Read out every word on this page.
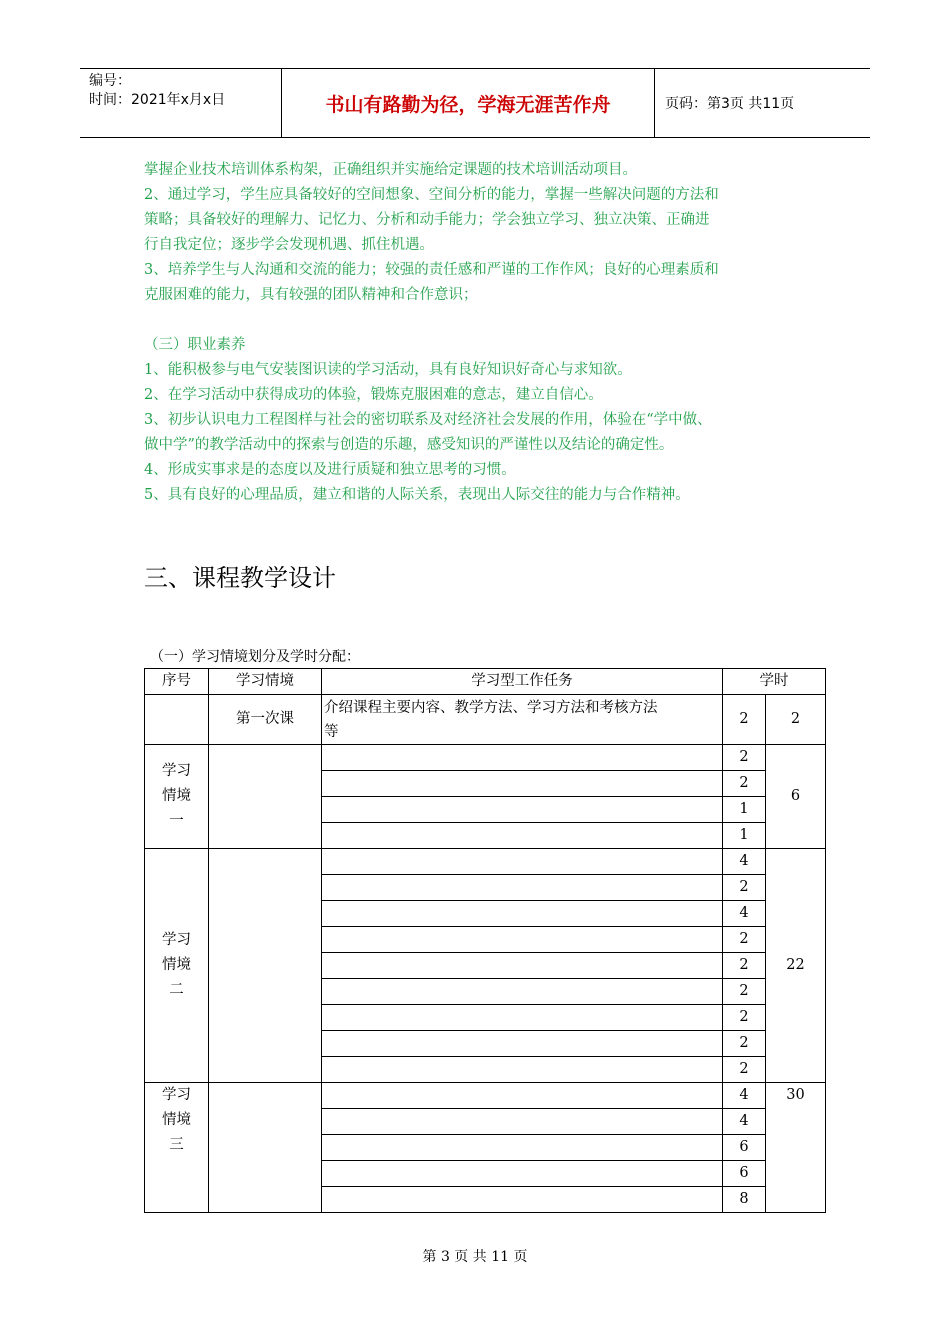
编号：
时间：2021年x月x日	书山有路勤为径，学海无涯苦作舟	页码：第3页 共11页

掌握企业技术培训体系构架，正确组织并实施给定课题的技术培训活动项目。

2、通过学习，学生应具备较好的空间想象、空间分析的能力，掌握一些解决问题的方法和

策略；具备较好的理解力、记忆力、分析和动手能力；学会独立学习、独立决策、正确进

行自我定位；逐步学会发现机遇、抓住机遇。

3、培养学生与人沟通和交流的能力；较强的责任感和严谨的工作作风；良好的心理素质和

克服困难的能力，具有较强的团队精神和合作意识；

（三）职业素养

1、能积极参与电气安装图识读的学习活动，具有良好知识好奇心与求知欲。

2、在学习活动中获得成功的体验，锻炼克服困难的意志，建立自信心。

3、初步认识电力工程图样与社会的密切联系及对经济社会发展的作用，体验在“学中做、

做中学”的教学活动中的探索与创造的乐趣，感受知识的严谨性以及结论的确定性。

4、形成实事求是的态度以及进行质疑和独立思考的习惯。

5、具有良好的心理品质，建立和谐的人际关系，表现出人际交往的能力与合作精神。

三、课程教学设计
（一）学习情境划分及学时分配：
序号	学习情境	学习型工作任务	学时	
	第一次课	介绍课程主要内容、教学方法、学习方法和考核方法
等	2	2

学习
情境
一			2	6
			2	
			1	
			1	

学习
情境
二			4	22
			2	
			4	
			2	
			2	
			2	
			2	
			2	
			2	

学习
情境
三			4	30
			4	
			6	
			6	
			8	
第 3 页 共 11 页
